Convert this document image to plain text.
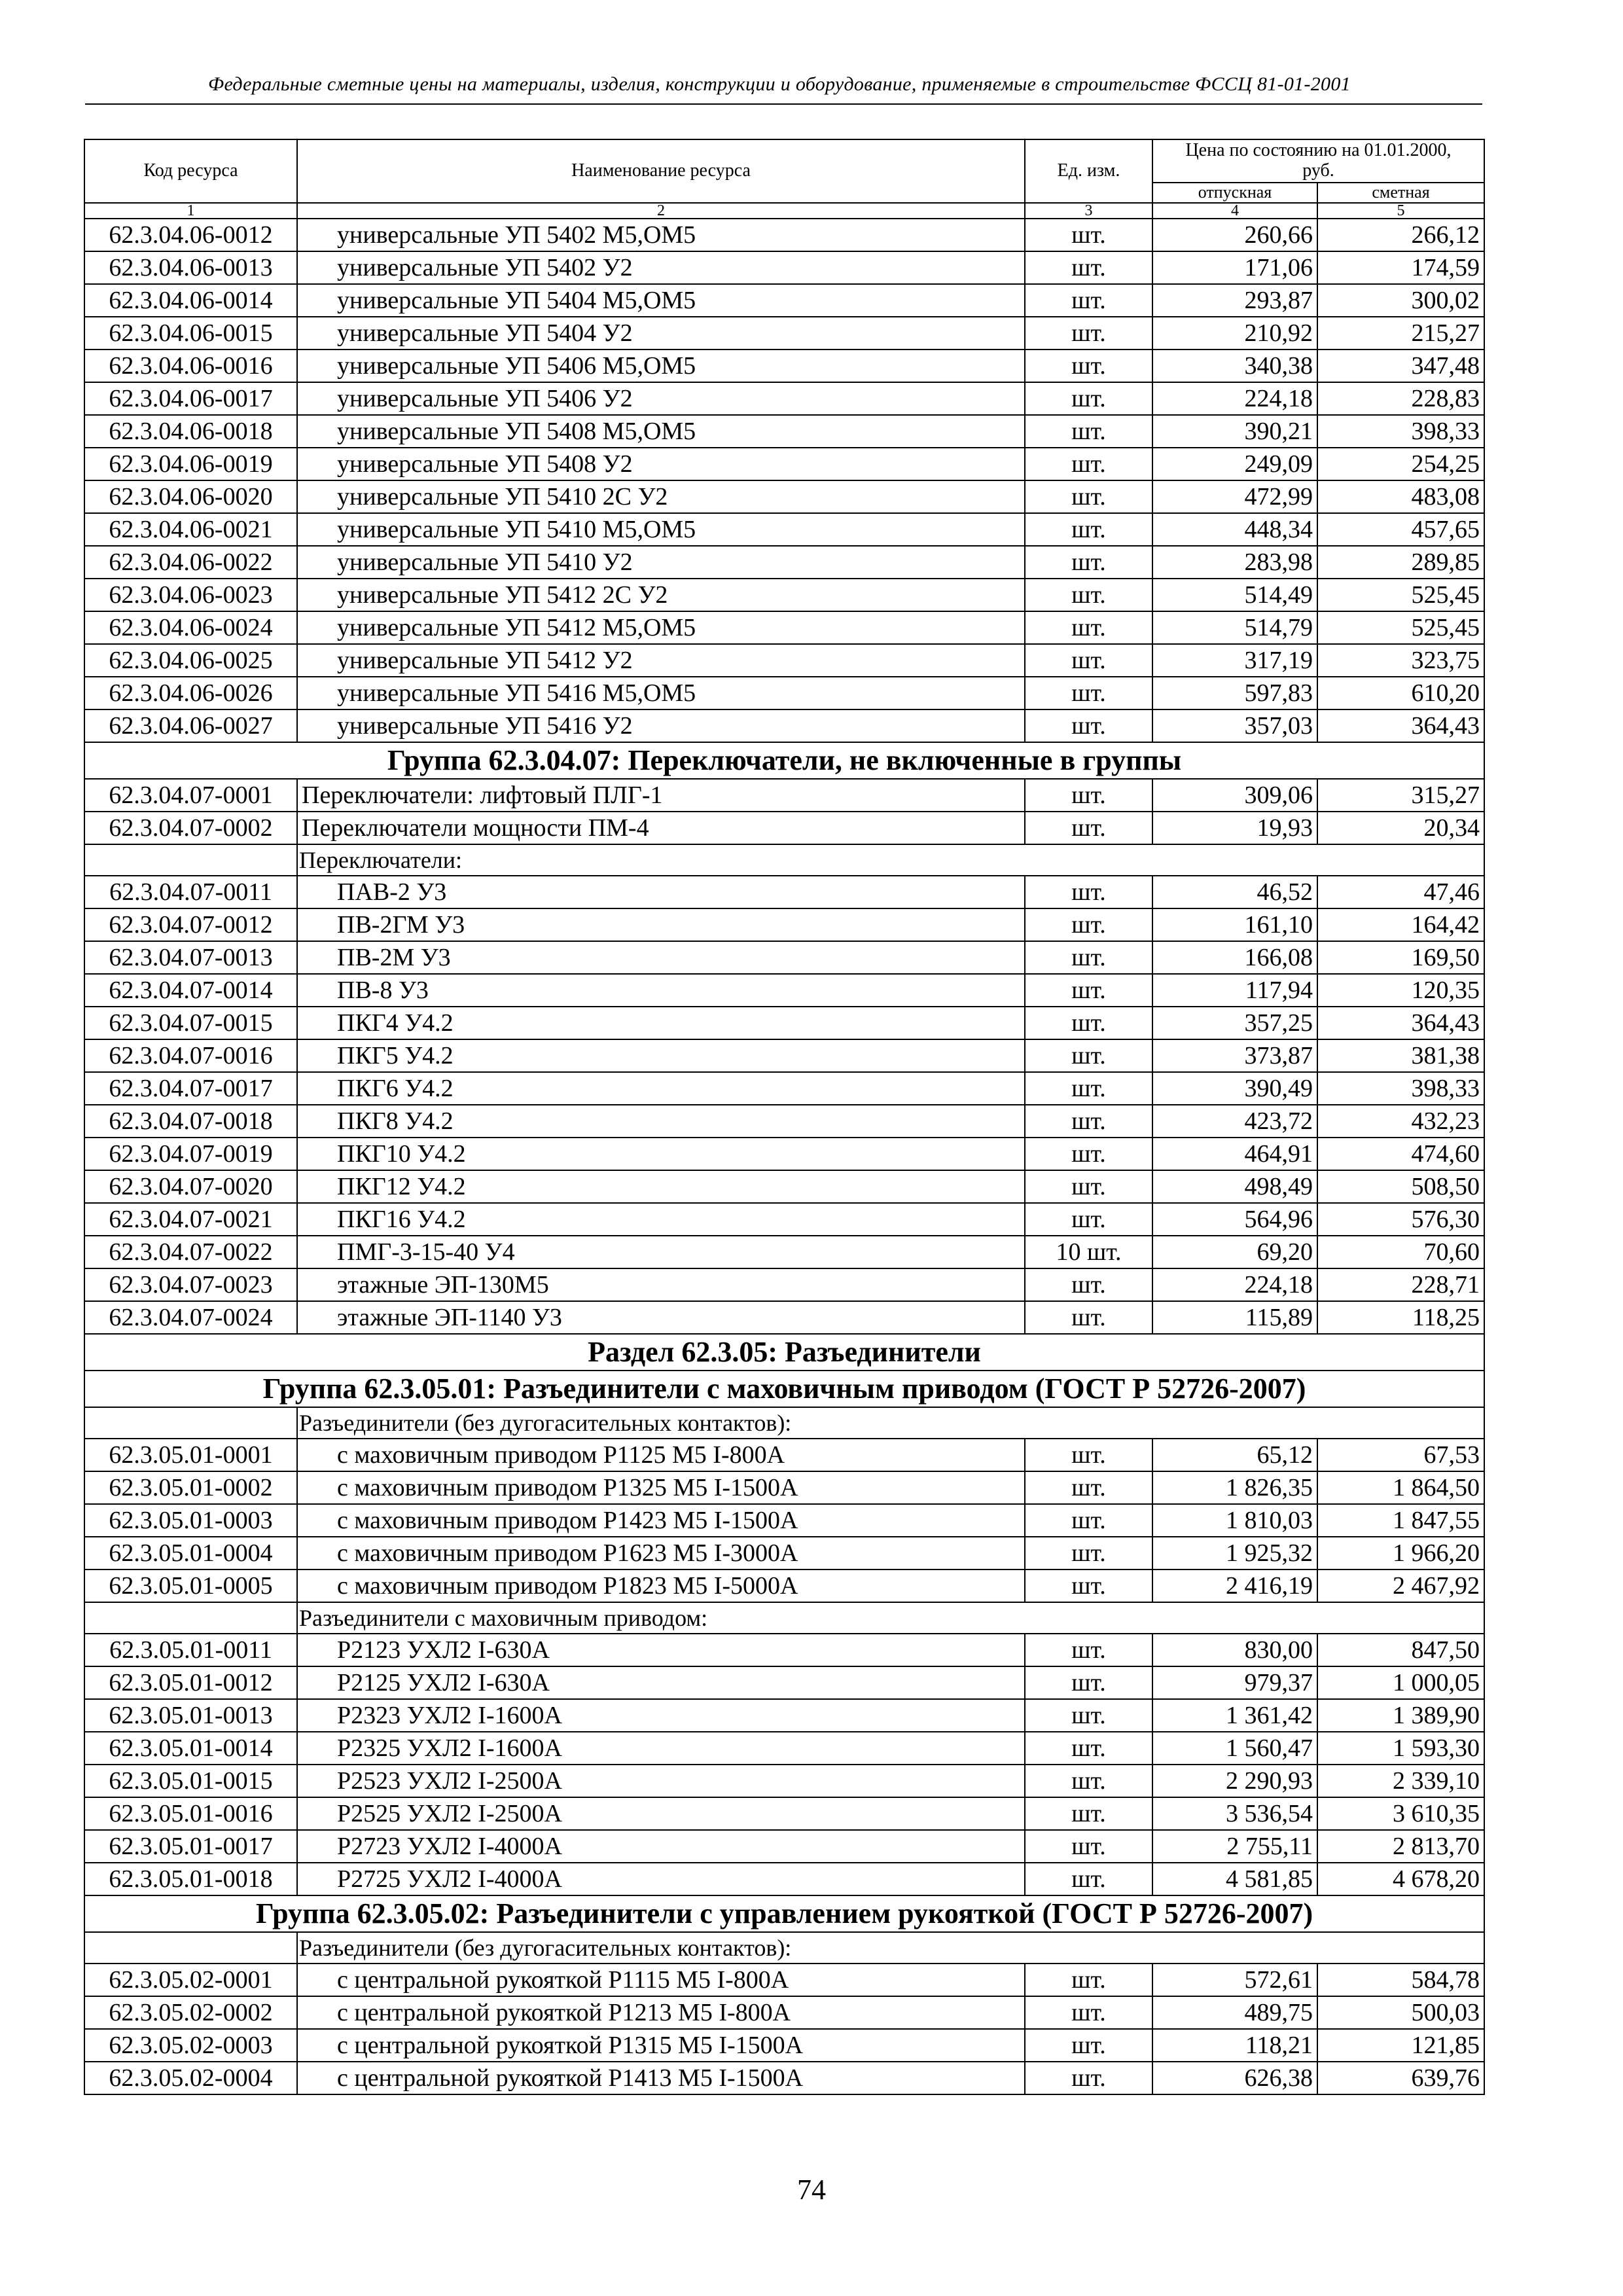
Федеральные сметные цены на материалы, изделия, конструкции и оборудование, применяемые в строительстве ФССЦ 81-01-2001
Код ресурса	Наименование ресурса	Ед. изм.	Цена по состоянию на 01.01.2000, руб.	
			отпускная	сметная
1	2	3	4	5
62.3.04.06-0012	универсальные УП 5402 М5,ОМ5	шт.	260,66	266,12
62.3.04.06-0013	универсальные УП 5402 У2	шт.	171,06	174,59
62.3.04.06-0014	универсальные УП 5404 М5,ОМ5	шт.	293,87	300,02
62.3.04.06-0015	универсальные УП 5404 У2	шт.	210,92	215,27
62.3.04.06-0016	универсальные УП 5406 М5,ОМ5	шт.	340,38	347,48
62.3.04.06-0017	универсальные УП 5406 У2	шт.	224,18	228,83
62.3.04.06-0018	универсальные УП 5408 М5,ОМ5	шт.	390,21	398,33
62.3.04.06-0019	универсальные УП 5408 У2	шт.	249,09	254,25
62.3.04.06-0020	универсальные УП 5410 2С У2	шт.	472,99	483,08
62.3.04.06-0021	универсальные УП 5410 М5,ОМ5	шт.	448,34	457,65
62.3.04.06-0022	универсальные УП 5410 У2	шт.	283,98	289,85
62.3.04.06-0023	универсальные УП 5412 2С У2	шт.	514,49	525,45
62.3.04.06-0024	универсальные УП 5412 М5,ОМ5	шт.	514,79	525,45
62.3.04.06-0025	универсальные УП 5412 У2	шт.	317,19	323,75
62.3.04.06-0026	универсальные УП 5416 М5,ОМ5	шт.	597,83	610,20
62.3.04.06-0027	универсальные УП 5416 У2	шт.	357,03	364,43
Группа 62.3.04.07: Переключатели, не включенные в группы				
62.3.04.07-0001	Переключатели: лифтовый ПЛГ-1	шт.	309,06	315,27
62.3.04.07-0002	Переключатели мощности ПМ-4	шт.	19,93	20,34
	Переключатели:			
62.3.04.07-0011	ПАВ-2 У3	шт.	46,52	47,46
62.3.04.07-0012	ПВ-2ГМ У3	шт.	161,10	164,42
62.3.04.07-0013	ПВ-2М У3	шт.	166,08	169,50
62.3.04.07-0014	ПВ-8 У3	шт.	117,94	120,35
62.3.04.07-0015	ПКГ4 У4.2	шт.	357,25	364,43
62.3.04.07-0016	ПКГ5 У4.2	шт.	373,87	381,38
62.3.04.07-0017	ПКГ6 У4.2	шт.	390,49	398,33
62.3.04.07-0018	ПКГ8 У4.2	шт.	423,72	432,23
62.3.04.07-0019	ПКГ10 У4.2	шт.	464,91	474,60
62.3.04.07-0020	ПКГ12 У4.2	шт.	498,49	508,50
62.3.04.07-0021	ПКГ16 У4.2	шт.	564,96	576,30
62.3.04.07-0022	ПМГ-3-15-40 У4	10 шт.	69,20	70,60
62.3.04.07-0023	этажные ЭП-130М5	шт.	224,18	228,71
62.3.04.07-0024	этажные ЭП-1140 У3	шт.	115,89	118,25
Раздел 62.3.05: Разъединители				
Группа 62.3.05.01: Разъединители с маховичным приводом (ГОСТ Р 52726-2007)				
	Разъединители (без дугогасительных контактов):			
62.3.05.01-0001	с маховичным приводом Р1125 М5 I-800А	шт.	65,12	67,53
62.3.05.01-0002	с маховичным приводом Р1325 М5 I-1500А	шт.	1 826,35	1 864,50
62.3.05.01-0003	с маховичным приводом Р1423 М5 I-1500А	шт.	1 810,03	1 847,55
62.3.05.01-0004	с маховичным приводом Р1623 М5 I-3000А	шт.	1 925,32	1 966,20
62.3.05.01-0005	с маховичным приводом Р1823 М5 I-5000А	шт.	2 416,19	2 467,92
	Разъединители с маховичным приводом:			
62.3.05.01-0011	Р2123 УХЛ2 I-630А	шт.	830,00	847,50
62.3.05.01-0012	Р2125 УХЛ2 I-630А	шт.	979,37	1 000,05
62.3.05.01-0013	Р2323 УХЛ2 I-1600А	шт.	1 361,42	1 389,90
62.3.05.01-0014	Р2325 УХЛ2 I-1600А	шт.	1 560,47	1 593,30
62.3.05.01-0015	Р2523 УХЛ2 I-2500А	шт.	2 290,93	2 339,10
62.3.05.01-0016	Р2525 УХЛ2 I-2500А	шт.	3 536,54	3 610,35
62.3.05.01-0017	Р2723 УХЛ2 I-4000А	шт.	2 755,11	2 813,70
62.3.05.01-0018	Р2725 УХЛ2 I-4000А	шт.	4 581,85	4 678,20
Группа 62.3.05.02: Разъединители с управлением рукояткой (ГОСТ Р 52726-2007)				
	Разъединители (без дугогасительных контактов):			
62.3.05.02-0001	с центральной рукояткой Р1115 М5 I-800А	шт.	572,61	584,78
62.3.05.02-0002	с центральной рукояткой Р1213 М5 I-800А	шт.	489,75	500,03
62.3.05.02-0003	с центральной рукояткой Р1315 М5 I-1500А	шт.	118,21	121,85
62.3.05.02-0004	с центральной рукояткой Р1413 М5 I-1500А	шт.	626,38	639,76
74
